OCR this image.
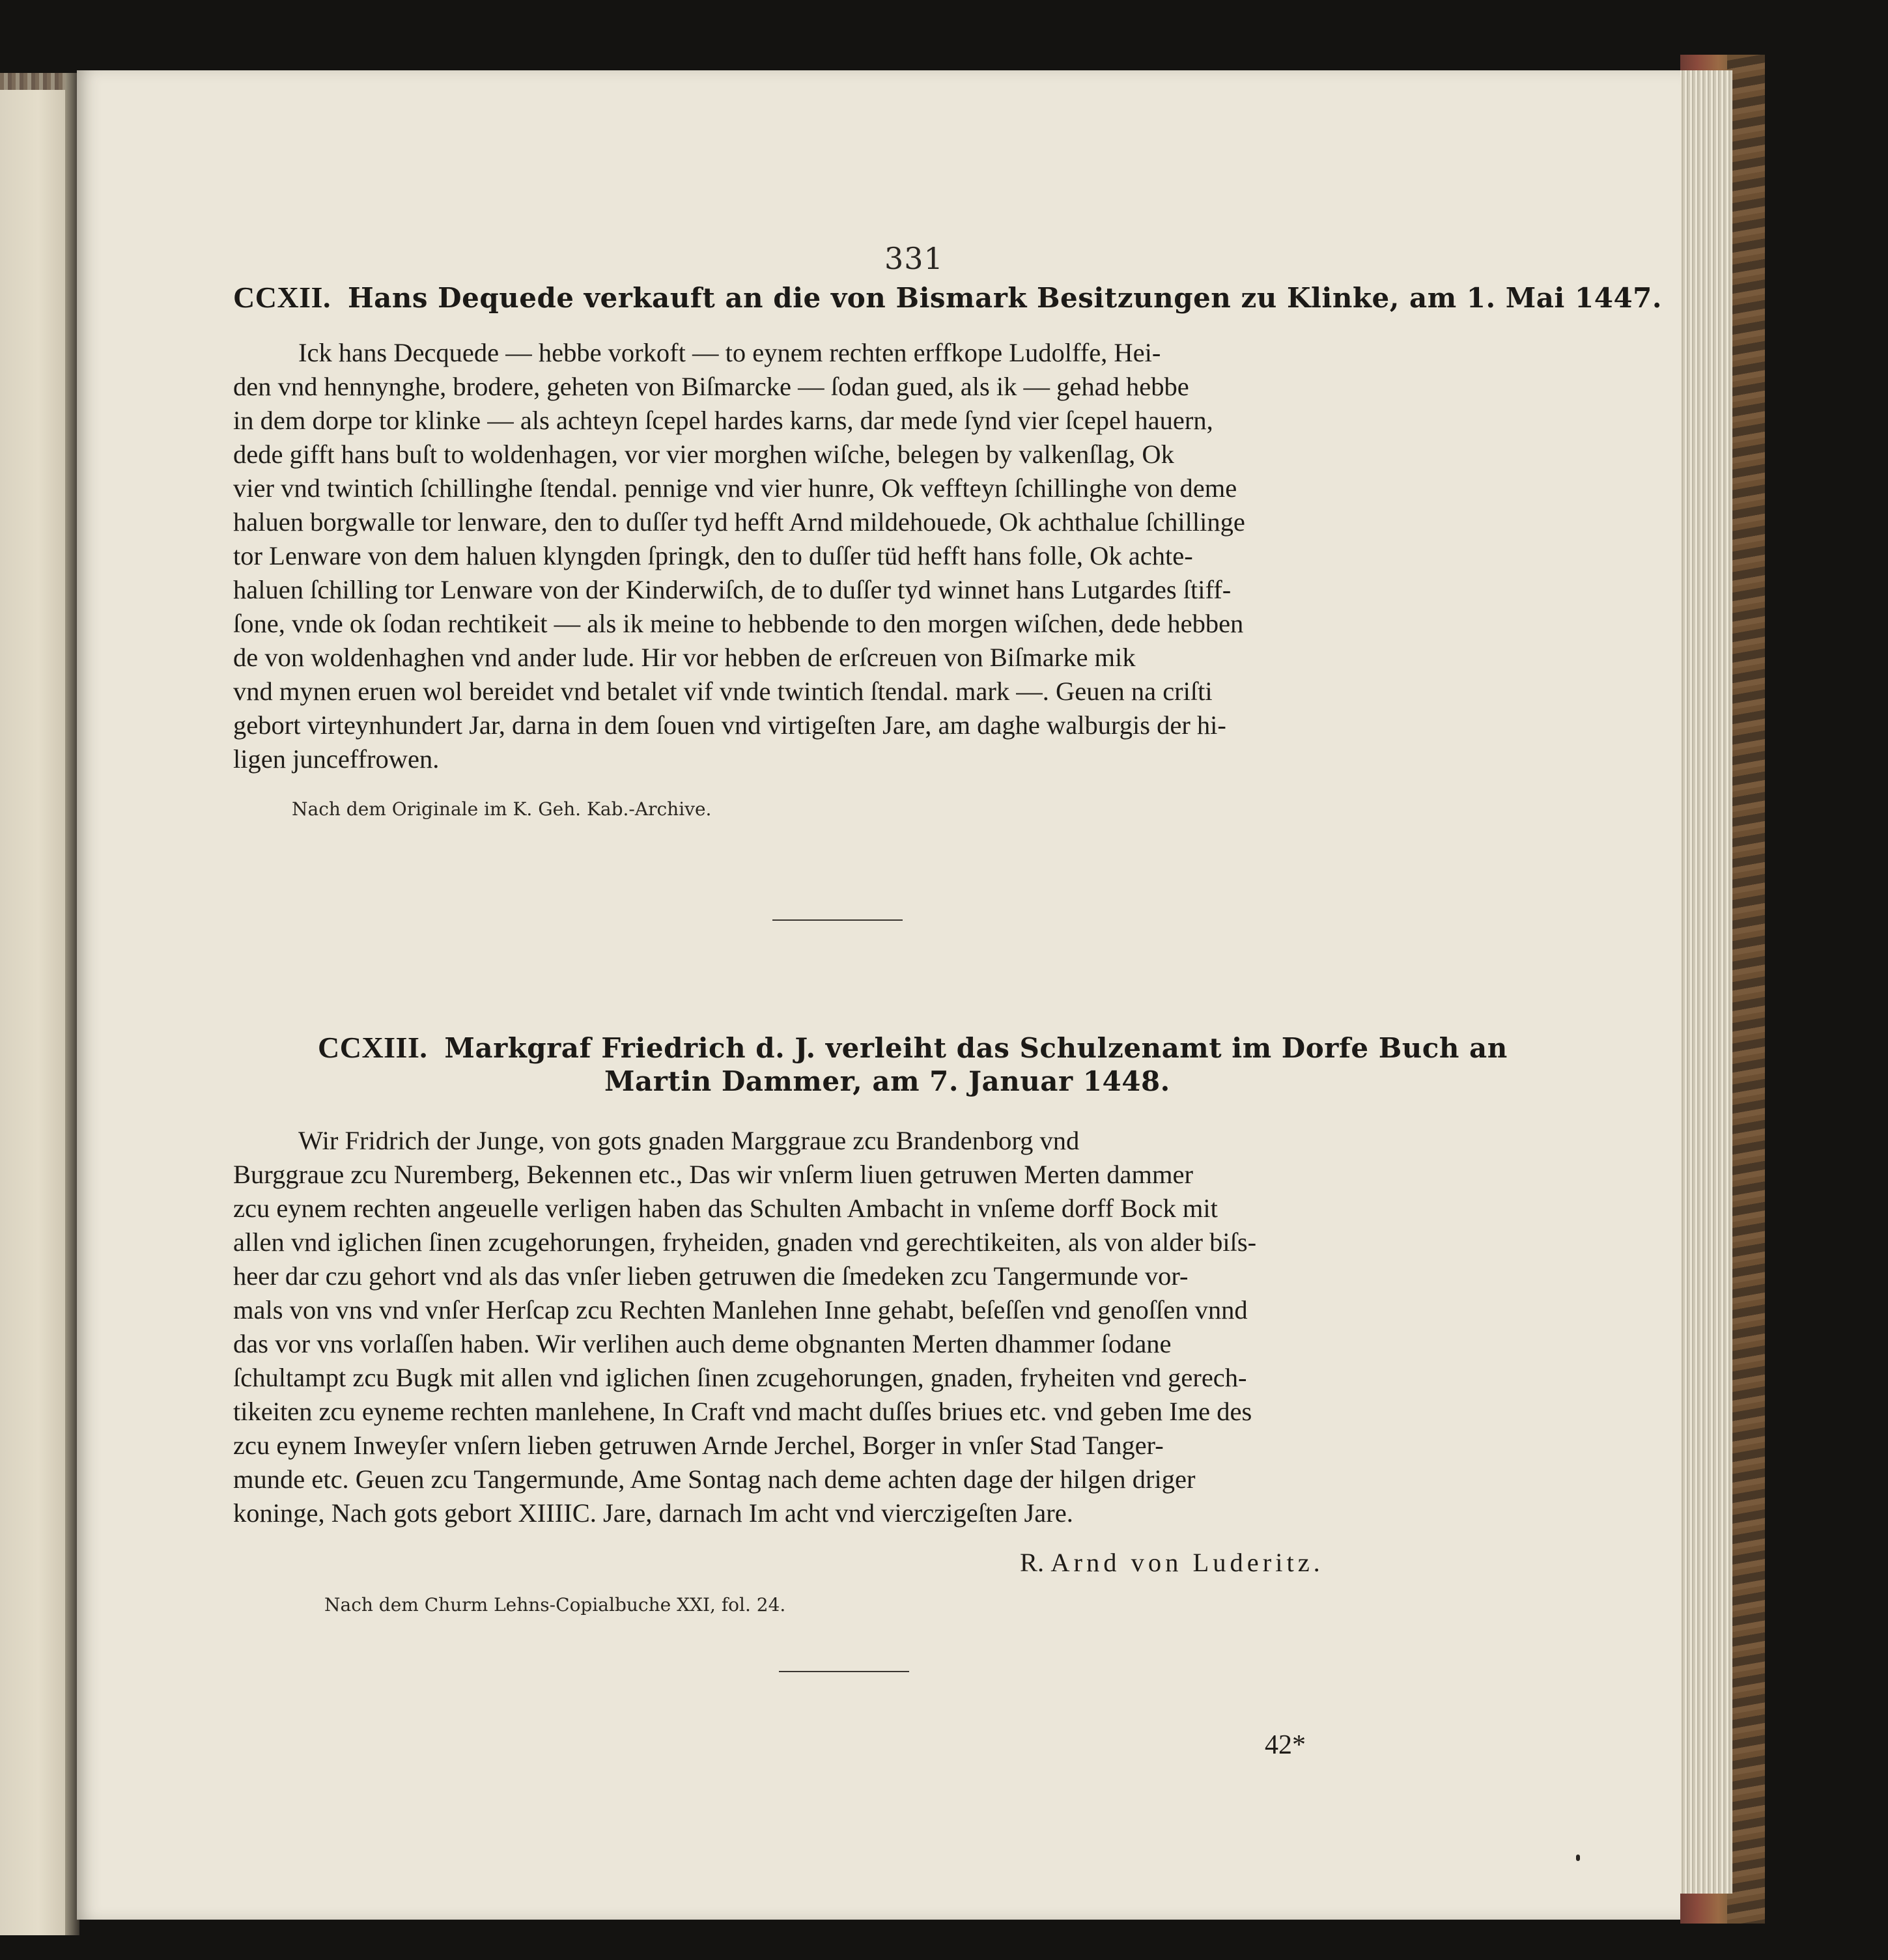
331
CCXII. Hans Dequede verkauft an die von Bismark Besitzungen zu Klinke, am 1. Mai 1447.
Ick hans Decquede — hebbe vorkoft — to eynem rechten erffkope Ludolffe, Hei-
den vnd hennynghe, brodere, geheten von Biſmarcke — ſodan gued, als ik — gehad hebbe
in dem dorpe tor klinke — als achteyn ſcepel hardes karns, dar mede ſynd vier ſcepel hauern,
dede gifft hans buſt to woldenhagen, vor vier morghen wiſche, belegen by valkenſlag, Ok
vier vnd twintich ſchillinghe ſtendal. pennige vnd vier hunre, Ok veffteyn ſchillinghe von deme
haluen borgwalle tor lenware, den to duſſer tyd hefft Arnd mildehouede, Ok achthalue ſchillinge
tor Lenware von dem haluen klyngden ſpringk, den to duſſer tüd hefft hans folle, Ok achte-
haluen ſchilling tor Lenware von der Kinderwiſch, de to duſſer tyd winnet hans Lutgardes ſtiff-
ſone, vnde ok ſodan rechtikeit — als ik meine to hebbende to den morgen wiſchen, dede hebben
de von woldenhaghen vnd ander lude. Hir vor hebben de erſcreuen von Biſmarke mik
vnd mynen eruen wol bereidet vnd betalet vif vnde twintich ſtendal. mark —. Geuen na criſti
gebort virteynhundert Jar, darna in dem ſouen vnd virtigeſten Jare, am daghe walburgis der hi-
ligen junceffrowen.
Nach dem Originale im K. Geh. Kab.-Archive.
CCXIII. Markgraf Friedrich d. J. verleiht das Schulzenamt im Dorfe Buch an
Martin Dammer, am 7. Januar 1448.
Wir Fridrich der Junge, von gots gnaden Marggraue zcu Brandenborg vnd
Burggraue zcu Nuremberg, Bekennen etc., Das wir vnſerm liuen getruwen Merten dammer
zcu eynem rechten angeuelle verligen haben das Schulten Ambacht in vnſeme dorff Bock mit
allen vnd iglichen ſinen zcugehorungen, fryheiden, gnaden vnd gerechtikeiten, als von alder biſs-
heer dar czu gehort vnd als das vnſer lieben getruwen die ſmedeken zcu Tangermunde vor-
mals von vns vnd vnſer Herſcap zcu Rechten Manlehen Inne gehabt, beſeſſen vnd genoſſen vnnd
das vor vns vorlaſſen haben. Wir verlihen auch deme obgnanten Merten dhammer ſodane
ſchultampt zcu Bugk mit allen vnd iglichen ſinen zcugehorungen, gnaden, fryheiten vnd gerech-
tikeiten zcu eyneme rechten manlehene, In Craft vnd macht duſſes briues etc. vnd geben Ime des
zcu eynem Inweyſer vnſern lieben getruwen Arnde Jerchel, Borger in vnſer Stad Tanger-
munde etc. Geuen zcu Tangermunde, Ame Sontag nach deme achten dage der hilgen driger
koninge, Nach gots gebort XIIIIC. Jare, darnach Im acht vnd vierczigeſten Jare.
R. Arnd von Luderitz.
Nach dem Churm Lehns-Copialbuche XXI, fol. 24.
42*
